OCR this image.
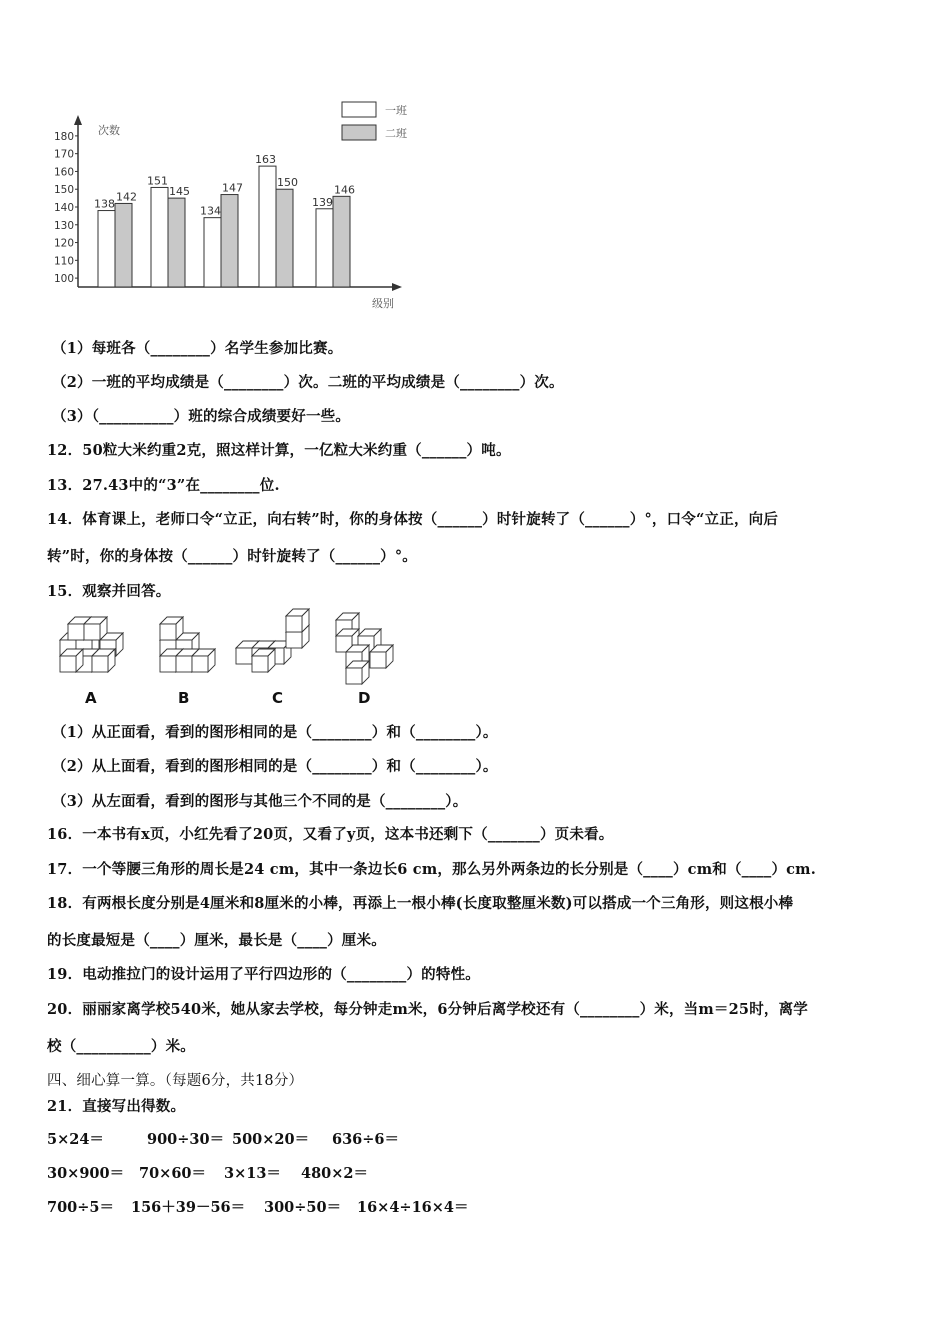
次数
级别
100
110
120
130
140
150
160
170
180
138
142
151
145
134
147
163
150
139
146
一班
二班
（1）每班各（________）名学生参加比赛。
（2）一班的平均成绩是（________）次。二班的平均成绩是（________）次。
（3）（__________）班的综合成绩要好一些。
12．50粒大米约重2克，照这样计算，一亿粒大米约重（______）吨。
13．27.43中的“3”在________位.
14．体育课上，老师口令“立正，向右转”时，你的身体按（______）时针旋转了（______）°，口令“立正，向后
转”时，你的身体按（______）时针旋转了（______）°。
15．观察并回答。
A	B	C	D
（1）从正面看，看到的图形相同的是（________）和（________）。
（2）从上面看，看到的图形相同的是（________）和（________）。
（3）从左面看，看到的图形与其他三个不同的是（________）。
16．一本书有x页，小红先看了20页，又看了y页，这本书还剩下（_______）页未看。
17．一个等腰三角形的周长是24 cm，其中一条边长6 cm，那么另外两条边的长分别是（____）cm和（____）cm.
18．有两根长度分别是4厘米和8厘米的小棒，再添上一根小棒(长度取整厘米数)可以搭成一个三角形，则这根小棒
的长度最短是（____）厘米，最长是（____）厘米。
19．电动推拉门的设计运用了平行四边形的（________）的特性。
20．丽丽家离学校540米，她从家去学校，每分钟走m米，6分钟后离学校还有（________）米，当m＝25时，离学
校（__________）米。
四、细心算一算。（每题6分，共18分）
21．直接写出得数。
5×24＝	900÷30＝ 500×20＝ 636÷6＝
30×900＝ 70×60＝ 3×13＝ 480×2＝
700÷5＝ 156＋39－56＝ 300÷50＝ 16×4÷16×4＝
